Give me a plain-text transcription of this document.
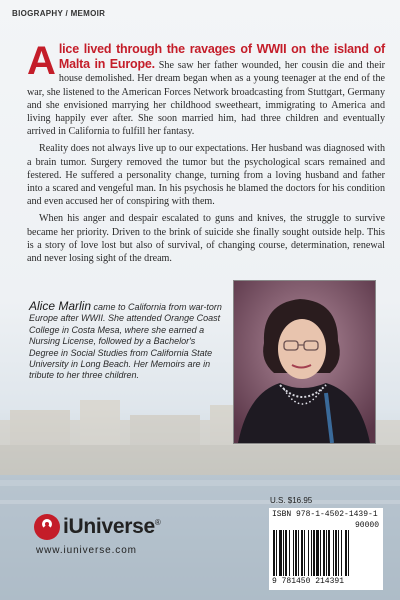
BIOGRAPHY / MEMOIR

Alice lived through the ravages of WWII on the island of Malta in Europe. She saw her father wounded, her cousin die and their house demolished. Her dream began when as a young teenager at the end of the war, she listened to the American Forces Network broadcasting from Stuttgart, Germany and she envisioned marrying her childhood sweetheart, immigrating to America and living happily ever after. She soon married him, had three children and eventually arrived in California to fulfill her fantasy.

Reality does not always live up to our expectations. Her husband was diagnosed with a brain tumor. Surgery removed the tumor but the psychological scars remained and festered. He suffered a personality change, turning from a loving husband and father into a scared and vengeful man. In his psychosis he blamed the doctors for his condition and even accused her of conspiring with them.

When his anger and despair escalated to guns and knives, the struggle to survive became her priority. Driven to the brink of suicide she finally sought outside help. This is a story of love lost but also of survival, of changing course, determination, renewal and never losing sight of the dream.

Alice Marlin came to California from war-torn Europe after WWII. She attended Orange Coast College in Costa Mesa, where she earned a Nursing License, followed by a Bachelor's Degree in Social Studies from California State University in Long Beach. Her Memoirs are in tribute to her three children.
U.S. $16.95
ISBN 978-1-4502-1439-1
90000
9 781450 214391
iUniverse®
www.iuniverse.com
